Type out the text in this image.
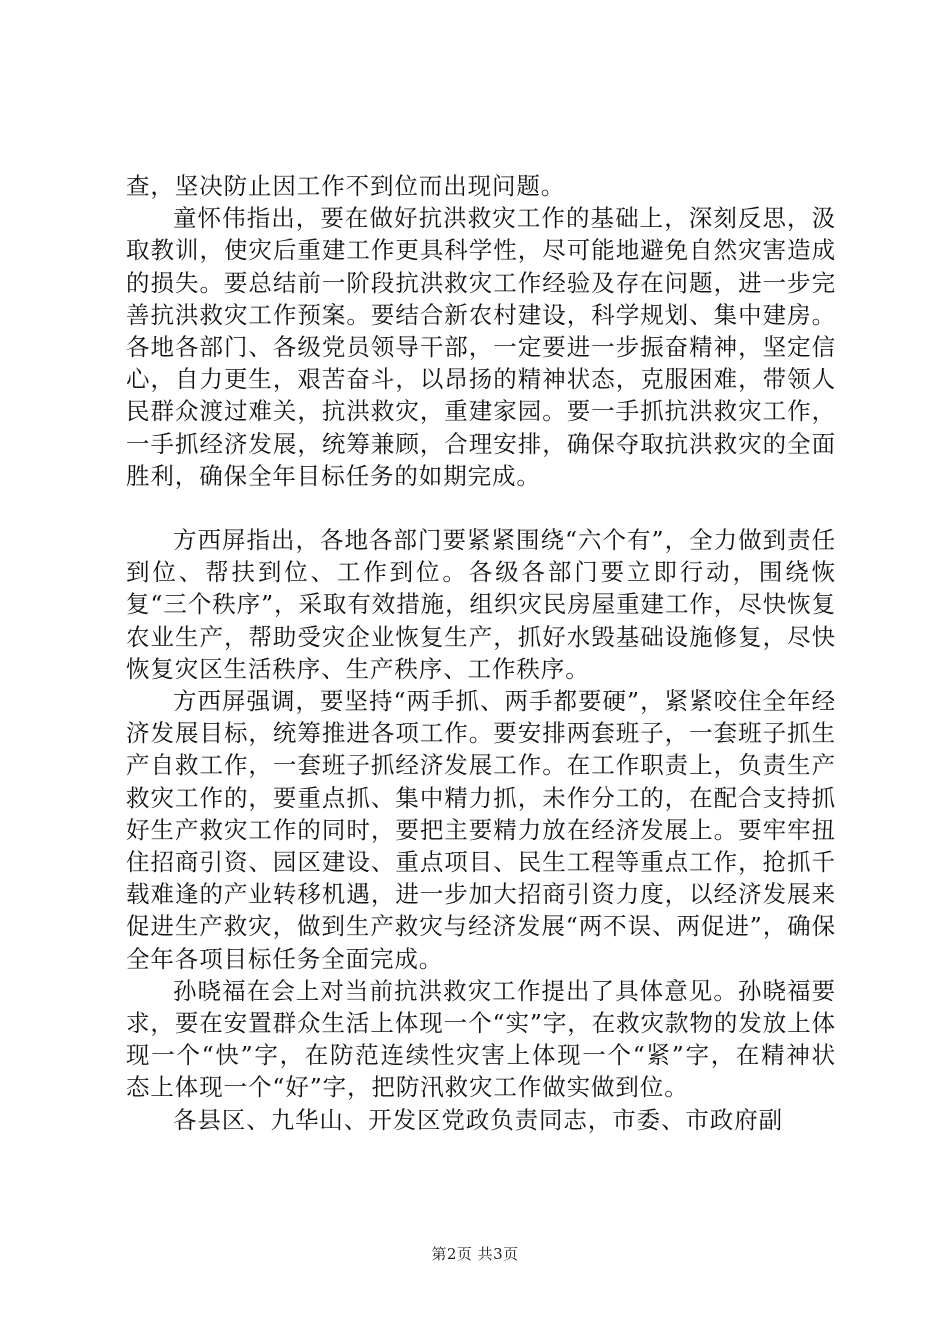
查，坚决防止因工作不到位而出现问题。

童怀伟指出，要在做好抗洪救灾工作的基础上，深刻反思，汲取教训，使灾后重建工作更具科学性，尽可能地避免自然灾害造成的损失。要总结前一阶段抗洪救灾工作经验及存在问题，进一步完善抗洪救灾工作预案。要结合新农村建设，科学规划、集中建房。各地各部门、各级党员领导干部，一定要进一步振奋精神，坚定信心，自力更生，艰苦奋斗，以昂扬的精神状态，克服困难，带领人民群众渡过难关，抗洪救灾，重建家园。要一手抓抗洪救灾工作，一手抓经济发展，统筹兼顾，合理安排，确保夺取抗洪救灾的全面胜利，确保全年目标任务的如期完成。

方西屏指出，各地各部门要紧紧围绕“六个有”，全力做到责任到位、帮扶到位、工作到位。各级各部门要立即行动，围绕恢复“三个秩序”，采取有效措施，组织灾民房屋重建工作，尽快恢复农业生产，帮助受灾企业恢复生产，抓好水毁基础设施修复，尽快恢复灾区生活秩序、生产秩序、工作秩序。

方西屏强调，要坚持“两手抓、两手都要硬”，紧紧咬住全年经济发展目标，统筹推进各项工作。要安排两套班子，一套班子抓生产自救工作，一套班子抓经济发展工作。在工作职责上，负责生产救灾工作的，要重点抓、集中精力抓，未作分工的，在配合支持抓好生产救灾工作的同时，要把主要精力放在经济发展上。要牢牢扭住招商引资、园区建设、重点项目、民生工程等重点工作，抢抓千载难逢的产业转移机遇，进一步加大招商引资力度，以经济发展来促进生产救灾，做到生产救灾与经济发展“两不误、两促进”，确保全年各项目标任务全面完成。

孙晓福在会上对当前抗洪救灾工作提出了具体意见。孙晓福要求，要在安置群众生活上体现一个“实”字，在救灾款物的发放上体现一个“快”字，在防范连续性灾害上体现一个“紧”字，在精神状态上体现一个“好”字，把防汛救灾工作做实做到位。

各县区、九华山、开发区党政负责同志，市委、市政府副

第2页 共3页
